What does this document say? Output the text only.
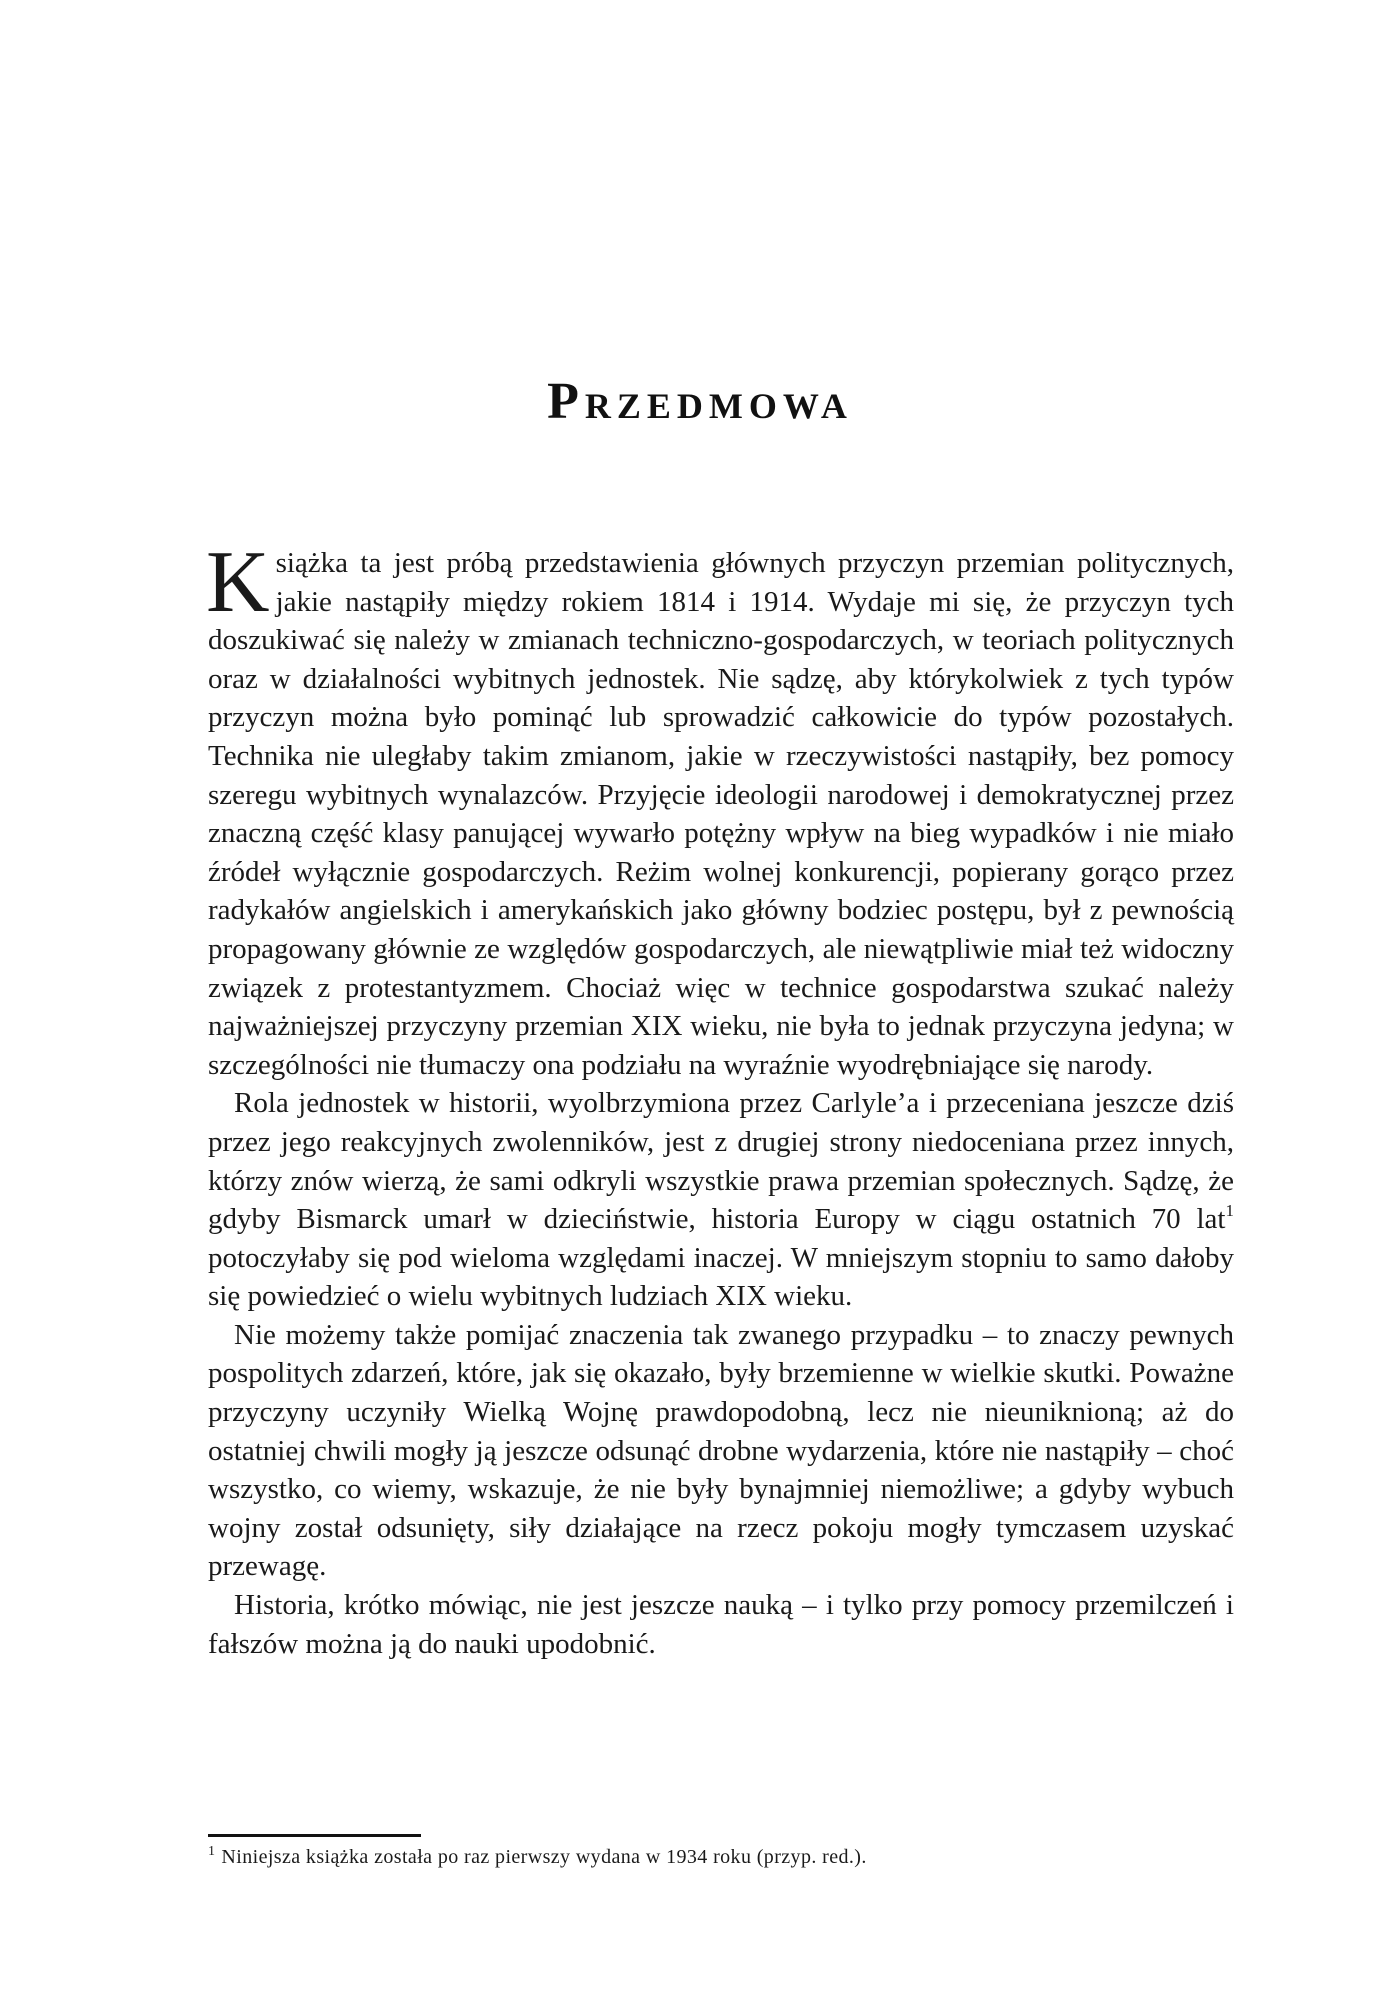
Przedmowa

Książka ta jest próbą przedstawienia głównych przyczyn przemian politycznych, jakie nastąpiły między rokiem 1814 i 1914. Wydaje mi się, że przyczyn tych doszukiwać się należy w zmianach techniczno-gospodarczych, w teoriach politycznych oraz w działalności wybitnych jednostek. Nie sądzę, aby którykolwiek z tych typów przyczyn można było pominąć lub sprowadzić całkowicie do typów pozostałych. Technika nie uległaby takim zmianom, jakie w rzeczywistości nastąpiły, bez pomocy szeregu wybitnych wynalazców. Przyjęcie ideologii narodowej i demokratycznej przez znaczną część klasy panującej wywarło potężny wpływ na bieg wypadków i nie miało źródeł wyłącznie gospodarczych. Reżim wolnej konkurencji, popierany gorąco przez radykałów angielskich i amerykańskich jako główny bodziec postępu, był z pewnością propagowany głównie ze względów gospodarczych, ale niewątpliwie miał też widoczny związek z protestantyzmem. Chociaż więc w technice gospodarstwa szukać należy najważniejszej przyczyny przemian XIX wieku, nie była to jednak przyczyna jedyna; w szczególności nie tłumaczy ona podziału na wyraźnie wyodrębniające się narody.

Rola jednostek w historii, wyolbrzymiona przez Carlyle’a i przeceniana jeszcze dziś przez jego reakcyjnych zwolenników, jest z drugiej strony niedoceniana przez innych, którzy znów wierzą, że sami odkryli wszystkie prawa przemian społecznych. Sądzę, że gdyby Bismarck umarł w dzieciństwie, historia Europy w ciągu ostatnich 70 lat$^1$ potoczyłaby się pod wieloma względami inaczej. W mniejszym stopniu to samo dałoby się powiedzieć o wielu wybitnych ludziach XIX wieku.

Nie możemy także pomijać znaczenia tak zwanego przypadku – to znaczy pewnych pospolitych zdarzeń, które, jak się okazało, były brzemienne w wielkie skutki. Poważne przyczyny uczyniły Wielką Wojnę prawdopodobną, lecz nie nieuniknioną; aż do ostatniej chwili mogły ją jeszcze odsunąć drobne wydarzenia, które nie nastąpiły – choć wszystko, co wiemy, wskazuje, że nie były bynajmniej niemożliwe; a gdyby wybuch wojny został odsunięty, siły działające na rzecz pokoju mogły tymczasem uzyskać przewagę.

Historia, krótko mówiąc, nie jest jeszcze nauką – i tylko przy pomocy przemilczeń i fałszów można ją do nauki upodobnić.

$^1$ Niniejsza książka została po raz pierwszy wydana w 1934 roku (przyp. red.).
